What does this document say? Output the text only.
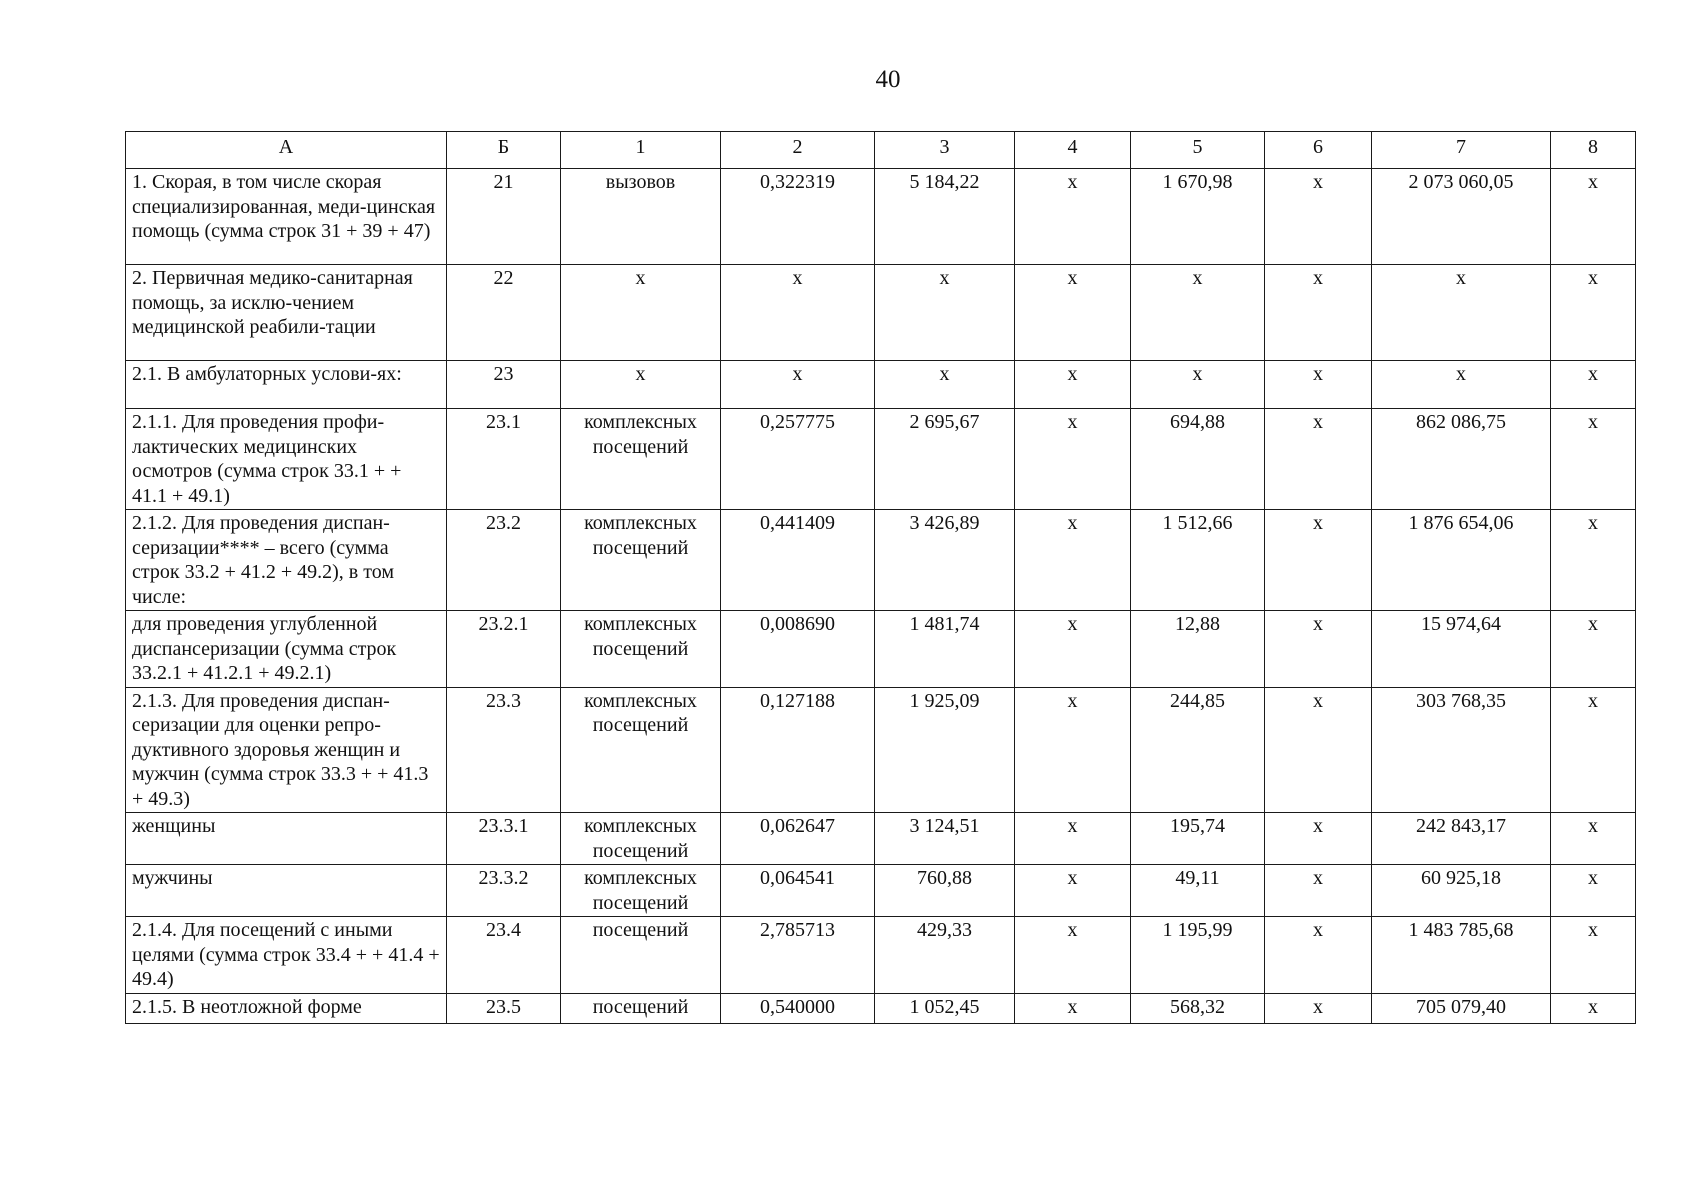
40
А	Б	1	2	3	4	5	6	7	8
1. Скорая, в том числе скорая специализированная, меди-цинская помощь (сумма строк 31 + 39 + 47)	21	вызовов	0,322319	5 184,22	х	1 670,98	х	2 073 060,05	х
2. Первичная медико-санитарная помощь, за исклю-чением медицинской реабили-тации	22	х	х	х	х	х	х	х	х
2.1. В амбулаторных услови-ях:	23	х	х	х	х	х	х	х	х
2.1.1. Для проведения профи-лактических медицинских осмотров (сумма строк 33.1 + + 41.1 + 49.1)	23.1	комплексных посещений	0,257775	2 695,67	х	694,88	х	862 086,75	х
2.1.2. Для проведения диспан-серизации**** – всего (сумма строк 33.2 + 41.2 + 49.2), в том числе:	23.2	комплексных посещений	0,441409	3 426,89	х	1 512,66	х	1 876 654,06	х
для проведения углубленной диспансеризации (сумма строк 33.2.1 + 41.2.1 + 49.2.1)	23.2.1	комплексных посещений	0,008690	1 481,74	х	12,88	х	15 974,64	х
2.1.3. Для проведения диспан-серизации для оценки репро-дуктивного здоровья женщин и мужчин (сумма строк 33.3 + + 41.3 + 49.3)	23.3	комплексных посещений	0,127188	1 925,09	х	244,85	х	303 768,35	х
женщины	23.3.1	комплексных посещений	0,062647	3 124,51	х	195,74	х	242 843,17	х
мужчины	23.3.2	комплексных посещений	0,064541	760,88	х	49,11	х	60 925,18	х
2.1.4. Для посещений с иными целями (сумма строк 33.4 + + 41.4 + 49.4)	23.4	посещений	2,785713	429,33	х	1 195,99	х	1 483 785,68	х
2.1.5. В неотложной форме	23.5	посещений	0,540000	1 052,45	х	568,32	х	705 079,40	х
